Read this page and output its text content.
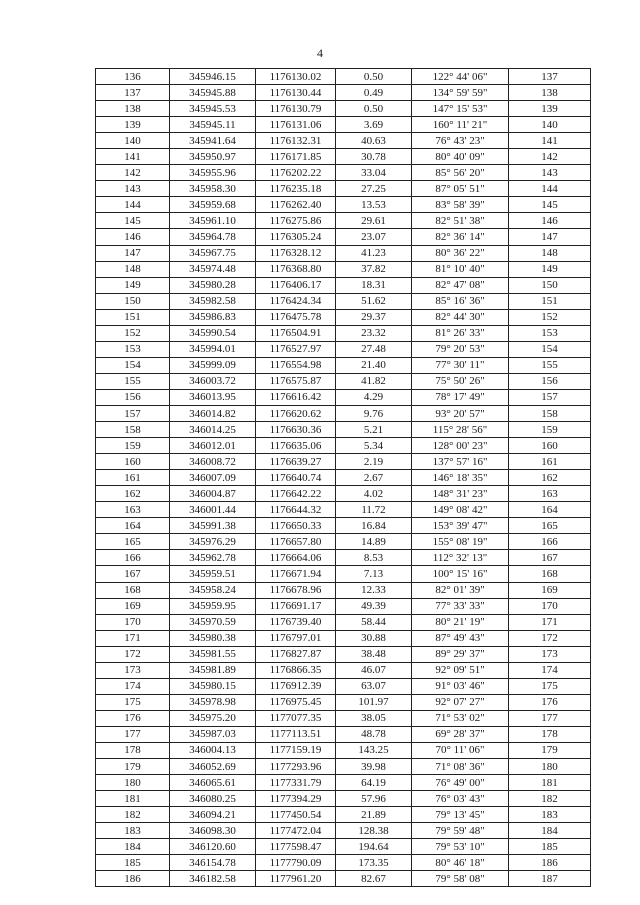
4
136	345946.15	1176130.02	0.50	122° 44' 06"	137
137	345945.88	1176130.44	0.49	134° 59' 59"	138
138	345945.53	1176130.79	0.50	147° 15' 53"	139
139	345945.11	1176131.06	3.69	160° 11' 21"	140
140	345941.64	1176132.31	40.63	76° 43' 23"	141
141	345950.97	1176171.85	30.78	80° 40' 09"	142
142	345955.96	1176202.22	33.04	85° 56' 20"	143
143	345958.30	1176235.18	27.25	87° 05' 51"	144
144	345959.68	1176262.40	13.53	83° 58' 39"	145
145	345961.10	1176275.86	29.61	82° 51' 38"	146
146	345964.78	1176305.24	23.07	82° 36' 14"	147
147	345967.75	1176328.12	41.23	80° 36' 22"	148
148	345974.48	1176368.80	37.82	81° 10' 40"	149
149	345980.28	1176406.17	18.31	82° 47' 08"	150
150	345982.58	1176424.34	51.62	85° 16' 36"	151
151	345986.83	1176475.78	29.37	82° 44' 30"	152
152	345990.54	1176504.91	23.32	81° 26' 33"	153
153	345994.01	1176527.97	27.48	79° 20' 53"	154
154	345999.09	1176554.98	21.40	77° 30' 11"	155
155	346003.72	1176575.87	41.82	75° 50' 26"	156
156	346013.95	1176616.42	4.29	78° 17' 49"	157
157	346014.82	1176620.62	9.76	93° 20' 57"	158
158	346014.25	1176630.36	5.21	115° 28' 56"	159
159	346012.01	1176635.06	5.34	128° 00' 23"	160
160	346008.72	1176639.27	2.19	137° 57' 16"	161
161	346007.09	1176640.74	2.67	146° 18' 35"	162
162	346004.87	1176642.22	4.02	148° 31' 23"	163
163	346001.44	1176644.32	11.72	149° 08' 42"	164
164	345991.38	1176650.33	16.84	153° 39' 47"	165
165	345976.29	1176657.80	14.89	155° 08' 19"	166
166	345962.78	1176664.06	8.53	112° 32' 13"	167
167	345959.51	1176671.94	7.13	100° 15' 16"	168
168	345958.24	1176678.96	12.33	82° 01' 39"	169
169	345959.95	1176691.17	49.39	77° 33' 33"	170
170	345970.59	1176739.40	58.44	80° 21' 19"	171
171	345980.38	1176797.01	30.88	87° 49' 43"	172
172	345981.55	1176827.87	38.48	89° 29' 37"	173
173	345981.89	1176866.35	46.07	92° 09' 51"	174
174	345980.15	1176912.39	63.07	91° 03' 46"	175
175	345978.98	1176975.45	101.97	92° 07' 27"	176
176	345975.20	1177077.35	38.05	71° 53' 02"	177
177	345987.03	1177113.51	48.78	69° 28' 37"	178
178	346004.13	1177159.19	143.25	70° 11' 06"	179
179	346052.69	1177293.96	39.98	71° 08' 36"	180
180	346065.61	1177331.79	64.19	76° 49' 00"	181
181	346080.25	1177394.29	57.96	76° 03' 43"	182
182	346094.21	1177450.54	21.89	79° 13' 45"	183
183	346098.30	1177472.04	128.38	79° 59' 48"	184
184	346120.60	1177598.47	194.64	79° 53' 10"	185
185	346154.78	1177790.09	173.35	80° 46' 18"	186
186	346182.58	1177961.20	82.67	79° 58' 08"	187
